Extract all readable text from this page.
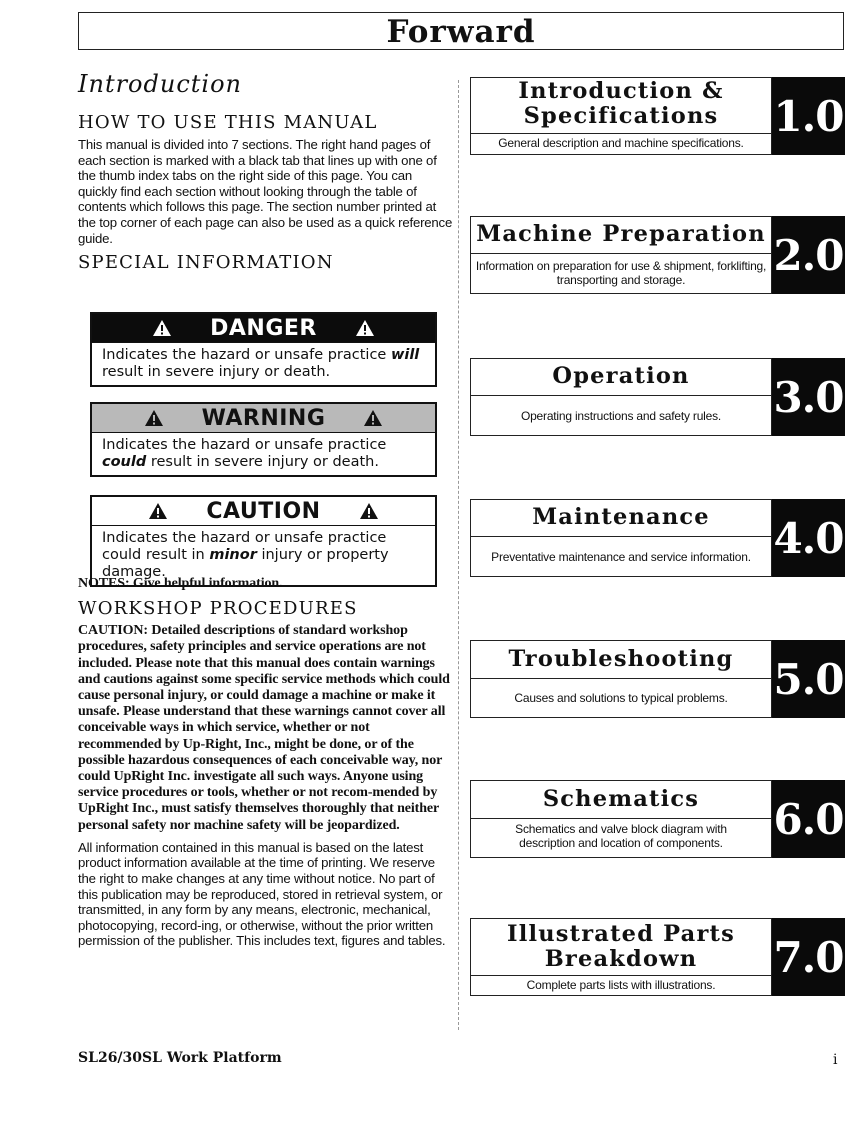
Forward
Introduction
HOW TO USE THIS MANUAL
This manual is divided into 7 sections. The right hand pages of each section is marked with a black tab that lines up with one of the thumb index tabs on the right side of this page. You can quickly find each section without looking through the table of contents which follows this page. The section number printed at the top corner of each page can also be used as a quick reference guide.
SPECIAL INFORMATION
DANGER
Indicates the hazard or unsafe practice will result in severe injury or death.
WARNING
Indicates the hazard or unsafe practice could result in severe injury or death.
CAUTION
Indicates the hazard or unsafe practice could result in minor injury or property damage.
NOTES: Give helpful information.
WORKSHOP PROCEDURES
CAUTION: Detailed descriptions of standard workshop procedures, safety principles and service operations are not included. Please note that this manual does contain warnings and cautions against some specific service methods which could cause personal injury, or could damage a machine or make it unsafe. Please understand that these warnings cannot cover all conceivable ways in which service, whether or not recommended by Up-Right, Inc., might be done, or of the possible hazardous consequences of each conceivable way, nor could UpRight Inc. investigate all such ways. Anyone using service procedures or tools, whether or not recom-mended by UpRight Inc., must satisfy themselves thoroughly that neither personal safety nor machine safety will be jeopardized.
All information contained in this manual is based on the latest product information available at the time of printing. We reserve the right to make changes at any time without notice. No part of this publication may be reproduced, stored in retrieval system, or transmitted, in any form by any means, electronic, mechanical, photocopying, record-ing, or otherwise, without the prior written permission of the publisher. This includes text, figures and tables.
Introduction &
Specifications
General description and machine specifications.
1.0
Machine Preparation
Information on preparation for use & shipment, forklifting, transporting and storage.
2.0
Operation
Operating instructions and safety rules.	3.0
Maintenance
Preventative maintenance and service information. 4.0
Troubleshooting
Causes and solutions to typical problems.	5.0
Schematics
Schematics and valve block diagram with description and location of components.	6.0
Illustrated Parts
Breakdown
Complete parts lists with illustrations.
7.0
SL26/30SL Work Platform	i
